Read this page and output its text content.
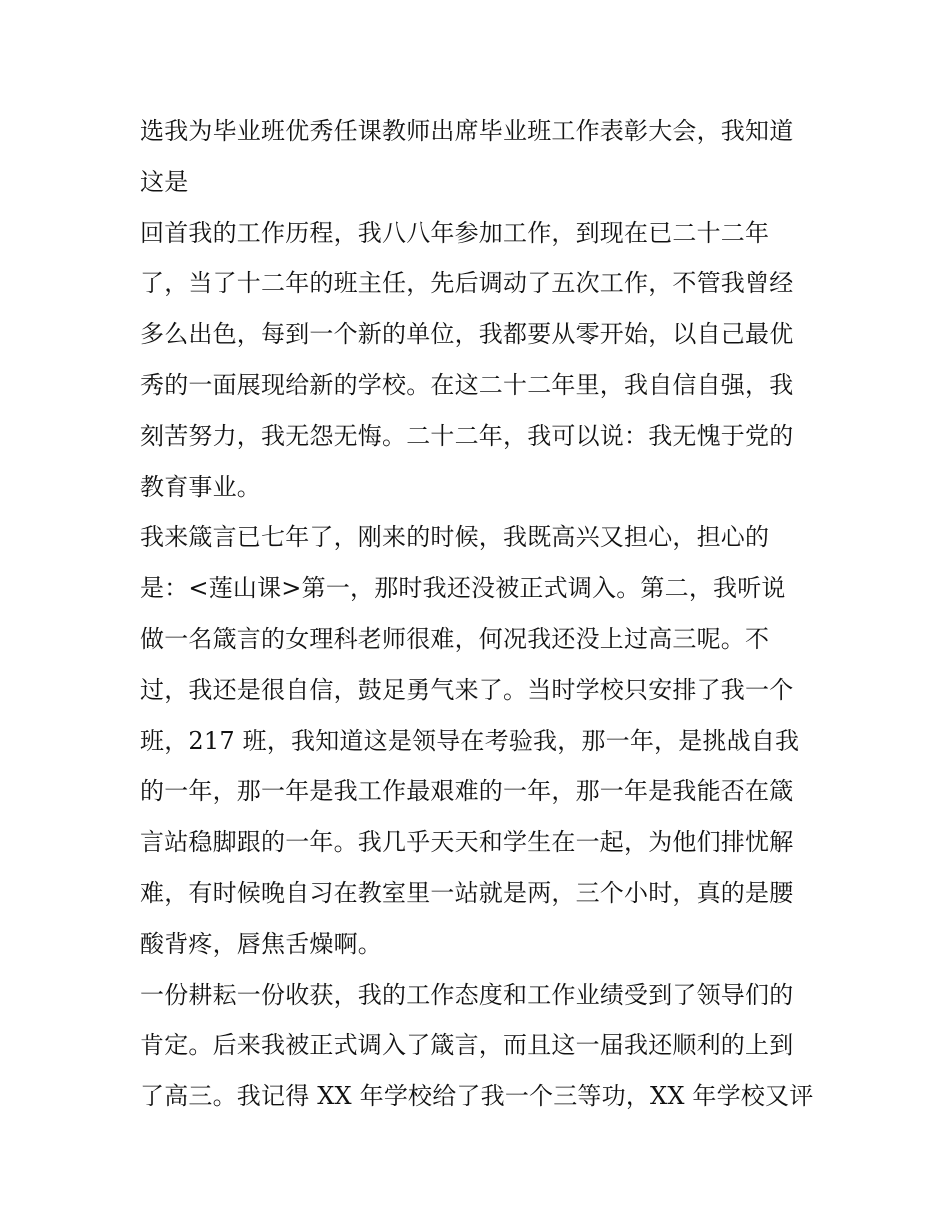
选我为毕业班优秀任课教师出席毕业班工作表彰大会，我知道
这是
回首我的工作历程，我八八年参加工作，到现在已二十二年
了，当了十二年的班主任，先后调动了五次工作，不管我曾经
多么出色，每到一个新的单位，我都要从零开始，以自己最优
秀的一面展现给新的学校。在这二十二年里，我自信自强，我
刻苦努力，我无怨无悔。二十二年，我可以说：我无愧于党的
教育事业。
我来箴言已七年了，刚来的时候，我既高兴又担心，担心的
是：<莲山课>第一，那时我还没被正式调入。第二，我听说
做一名箴言的女理科老师很难，何况我还没上过高三呢。不
过，我还是很自信，鼓足勇气来了。当时学校只安排了我一个
班，217 班，我知道这是领导在考验我，那一年，是挑战自我
的一年，那一年是我工作最艰难的一年，那一年是我能否在箴
言站稳脚跟的一年。我几乎天天和学生在一起，为他们排忧解
难，有时候晚自习在教室里一站就是两，三个小时，真的是腰
酸背疼，唇焦舌燥啊。
一份耕耘一份收获，我的工作态度和工作业绩受到了领导们的
肯定。后来我被正式调入了箴言，而且这一届我还顺利的上到
了高三。我记得 XX 年学校给了我一个三等功，XX 年学校又评
